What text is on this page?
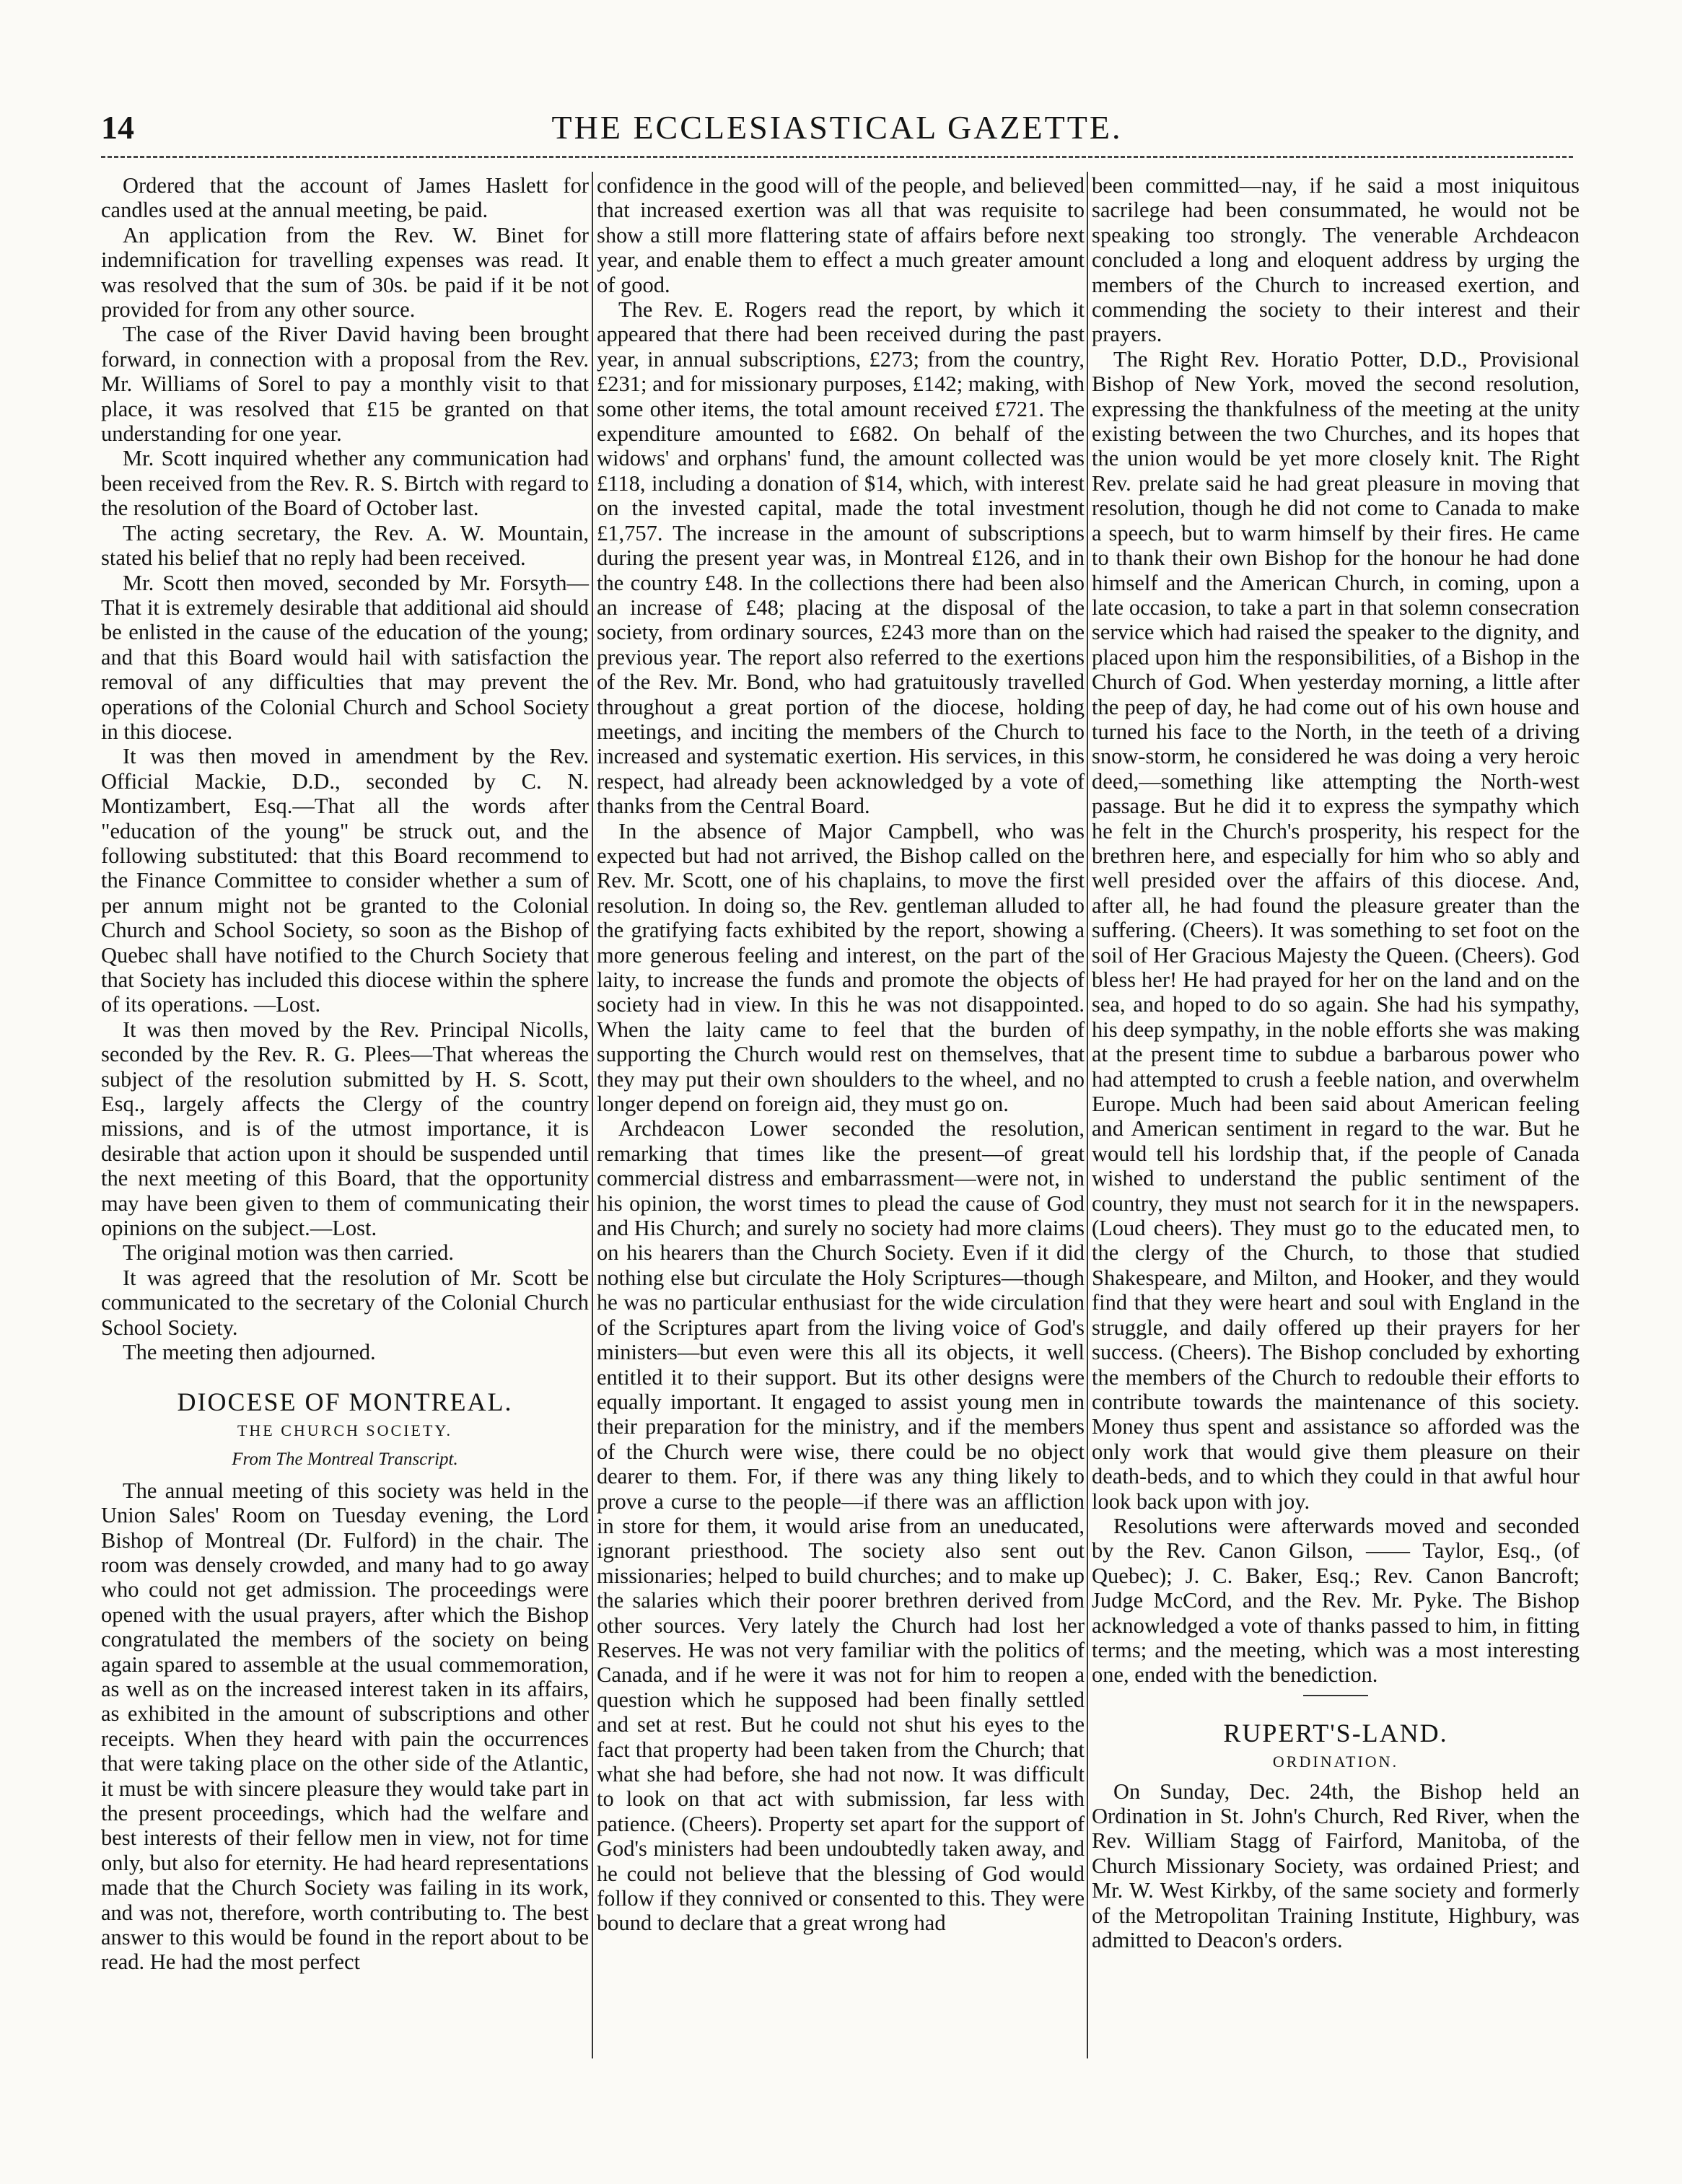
14	THE ECCLESIASTICAL GAZETTE.

Ordered that the account of James Haslett for candles used at the annual meeting, be paid.

An application from the Rev. W. Binet for indemnification for travelling expenses was read. It was resolved that the sum of 30s. be paid if it be not provided for from any other source.

The case of the River David having been brought forward, in connection with a proposal from the Rev. Mr. Williams of Sorel to pay a monthly visit to that place, it was resolved that £15 be granted on that understanding for one year.

Mr. Scott inquired whether any communication had been received from the Rev. R. S. Birtch with regard to the resolution of the Board of October last.

The acting secretary, the Rev. A. W. Mountain, stated his belief that no reply had been received.

Mr. Scott then moved, seconded by Mr. Forsyth—That it is extremely desirable that additional aid should be enlisted in the cause of the education of the young; and that this Board would hail with satisfaction the removal of any difficulties that may prevent the operations of the Colonial Church and School Society in this diocese.

It was then moved in amendment by the Rev. Official Mackie, D.D., seconded by C. N. Montizambert, Esq.—That all the words after "education of the young" be struck out, and the following substituted: that this Board recommend to the Finance Committee to consider whether a sum of per annum might not be granted to the Colonial Church and School Society, so soon as the Bishop of Quebec shall have notified to the Church Society that that Society has included this diocese within the sphere of its operations. —Lost.

It was then moved by the Rev. Principal Nicolls, seconded by the Rev. R. G. Plees—That whereas the subject of the resolution submitted by H. S. Scott, Esq., largely affects the Clergy of the country missions, and is of the utmost importance, it is desirable that action upon it should be suspended until the next meeting of this Board, that the opportunity may have been given to them of communicating their opinions on the subject.—Lost.

The original motion was then carried.

It was agreed that the resolution of Mr. Scott be communicated to the secretary of the Colonial Church School Society.

The meeting then adjourned.

DIOCESE OF MONTREAL.
THE CHURCH SOCIETY.
From The Montreal Transcript.

The annual meeting of this society was held in the Union Sales' Room on Tuesday evening, the Lord Bishop of Montreal (Dr. Fulford) in the chair. The room was densely crowded, and many had to go away who could not get admission. The proceedings were opened with the usual prayers, after which the Bishop congratulated the members of the society on being again spared to assemble at the usual commemoration, as well as on the increased interest taken in its affairs, as exhibited in the amount of subscriptions and other receipts. When they heard with pain the occurrences that were taking place on the other side of the Atlantic, it must be with sincere pleasure they would take part in the present proceedings, which had the welfare and best interests of their fellow men in view, not for time only, but also for eternity. He had heard representations made that the Church Society was failing in its work, and was not, therefore, worth contributing to. The best answer to this would be found in the report about to be read. He had the most perfect

confidence in the good will of the people, and believed that increased exertion was all that was requisite to show a still more flattering state of affairs before next year, and enable them to effect a much greater amount of good.

The Rev. E. Rogers read the report, by which it appeared that there had been received during the past year, in annual subscriptions, £273; from the country, £231; and for missionary purposes, £142; making, with some other items, the total amount received £721. The expenditure amounted to £682. On behalf of the widows' and orphans' fund, the amount collected was £118, including a donation of $14, which, with interest on the invested capital, made the total investment £1,757. The increase in the amount of subscriptions during the present year was, in Montreal £126, and in the country £48. In the collections there had been also an increase of £48; placing at the disposal of the society, from ordinary sources, £243 more than on the previous year. The report also referred to the exertions of the Rev. Mr. Bond, who had gratuitously travelled throughout a great portion of the diocese, holding meetings, and inciting the members of the Church to increased and systematic exertion. His services, in this respect, had already been acknowledged by a vote of thanks from the Central Board.

In the absence of Major Campbell, who was expected but had not arrived, the Bishop called on the Rev. Mr. Scott, one of his chaplains, to move the first resolution. In doing so, the Rev. gentleman alluded to the gratifying facts exhibited by the report, showing a more generous feeling and interest, on the part of the laity, to increase the funds and promote the objects of society had in view. In this he was not disappointed. When the laity came to feel that the burden of supporting the Church would rest on themselves, that they may put their own shoulders to the wheel, and no longer depend on foreign aid, they must go on.

Archdeacon Lower seconded the resolution, remarking that times like the present—of great commercial distress and embarrassment—were not, in his opinion, the worst times to plead the cause of God and His Church; and surely no society had more claims on his hearers than the Church Society. Even if it did nothing else but circulate the Holy Scriptures—though he was no particular enthusiast for the wide circulation of the Scriptures apart from the living voice of God's ministers—but even were this all its objects, it well entitled it to their support. But its other designs were equally important. It engaged to assist young men in their preparation for the ministry, and if the members of the Church were wise, there could be no object dearer to them. For, if there was any thing likely to prove a curse to the people—if there was an affliction in store for them, it would arise from an uneducated, ignorant priesthood. The society also sent out missionaries; helped to build churches; and to make up the salaries which their poorer brethren derived from other sources. Very lately the Church had lost her Reserves. He was not very familiar with the politics of Canada, and if he were it was not for him to reopen a question which he supposed had been finally settled and set at rest. But he could not shut his eyes to the fact that property had been taken from the Church; that what she had before, she had not now. It was difficult to look on that act with submission, far less with patience. (Cheers). Property set apart for the support of God's ministers had been undoubtedly taken away, and he could not believe that the blessing of God would follow if they connived or consented to this. They were bound to declare that a great wrong had

been committed—nay, if he said a most iniquitous sacrilege had been consummated, he would not be speaking too strongly. The venerable Archdeacon concluded a long and eloquent address by urging the members of the Church to increased exertion, and commending the society to their interest and their prayers.

The Right Rev. Horatio Potter, D.D., Provisional Bishop of New York, moved the second resolution, expressing the thankfulness of the meeting at the unity existing between the two Churches, and its hopes that the union would be yet more closely knit. The Right Rev. prelate said he had great pleasure in moving that resolution, though he did not come to Canada to make a speech, but to warm himself by their fires. He came to thank their own Bishop for the honour he had done himself and the American Church, in coming, upon a late occasion, to take a part in that solemn consecration service which had raised the speaker to the dignity, and placed upon him the responsibilities, of a Bishop in the Church of God. When yesterday morning, a little after the peep of day, he had come out of his own house and turned his face to the North, in the teeth of a driving snow-storm, he considered he was doing a very heroic deed,—something like attempting the North-west passage. But he did it to express the sympathy which he felt in the Church's prosperity, his respect for the brethren here, and especially for him who so ably and well presided over the affairs of this diocese. And, after all, he had found the pleasure greater than the suffering. (Cheers). It was something to set foot on the soil of Her Gracious Majesty the Queen. (Cheers). God bless her! He had prayed for her on the land and on the sea, and hoped to do so again. She had his sympathy, his deep sympathy, in the noble efforts she was making at the present time to subdue a barbarous power who had attempted to crush a feeble nation, and overwhelm Europe. Much had been said about American feeling and American sentiment in regard to the war. But he would tell his lordship that, if the people of Canada wished to understand the public sentiment of the country, they must not search for it in the newspapers. (Loud cheers). They must go to the educated men, to the clergy of the Church, to those that studied Shakespeare, and Milton, and Hooker, and they would find that they were heart and soul with England in the struggle, and daily offered up their prayers for her success. (Cheers). The Bishop concluded by exhorting the members of the Church to redouble their efforts to contribute towards the maintenance of this society. Money thus spent and assistance so afforded was the only work that would give them pleasure on their death-beds, and to which they could in that awful hour look back upon with joy.

Resolutions were afterwards moved and seconded by the Rev. Canon Gilson, —— Taylor, Esq., (of Quebec); J. C. Baker, Esq.; Rev. Canon Bancroft; Judge McCord, and the Rev. Mr. Pyke. The Bishop acknowledged a vote of thanks passed to him, in fitting terms; and the meeting, which was a most interesting one, ended with the benediction.

RUPERT'S-LAND.
ORDINATION.

On Sunday, Dec. 24th, the Bishop held an Ordination in St. John's Church, Red River, when the Rev. William Stagg of Fairford, Manitoba, of the Church Missionary Society, was ordained Priest; and Mr. W. West Kirkby, of the same society and formerly of the Metropolitan Training Institute, Highbury, was admitted to Deacon's orders.
